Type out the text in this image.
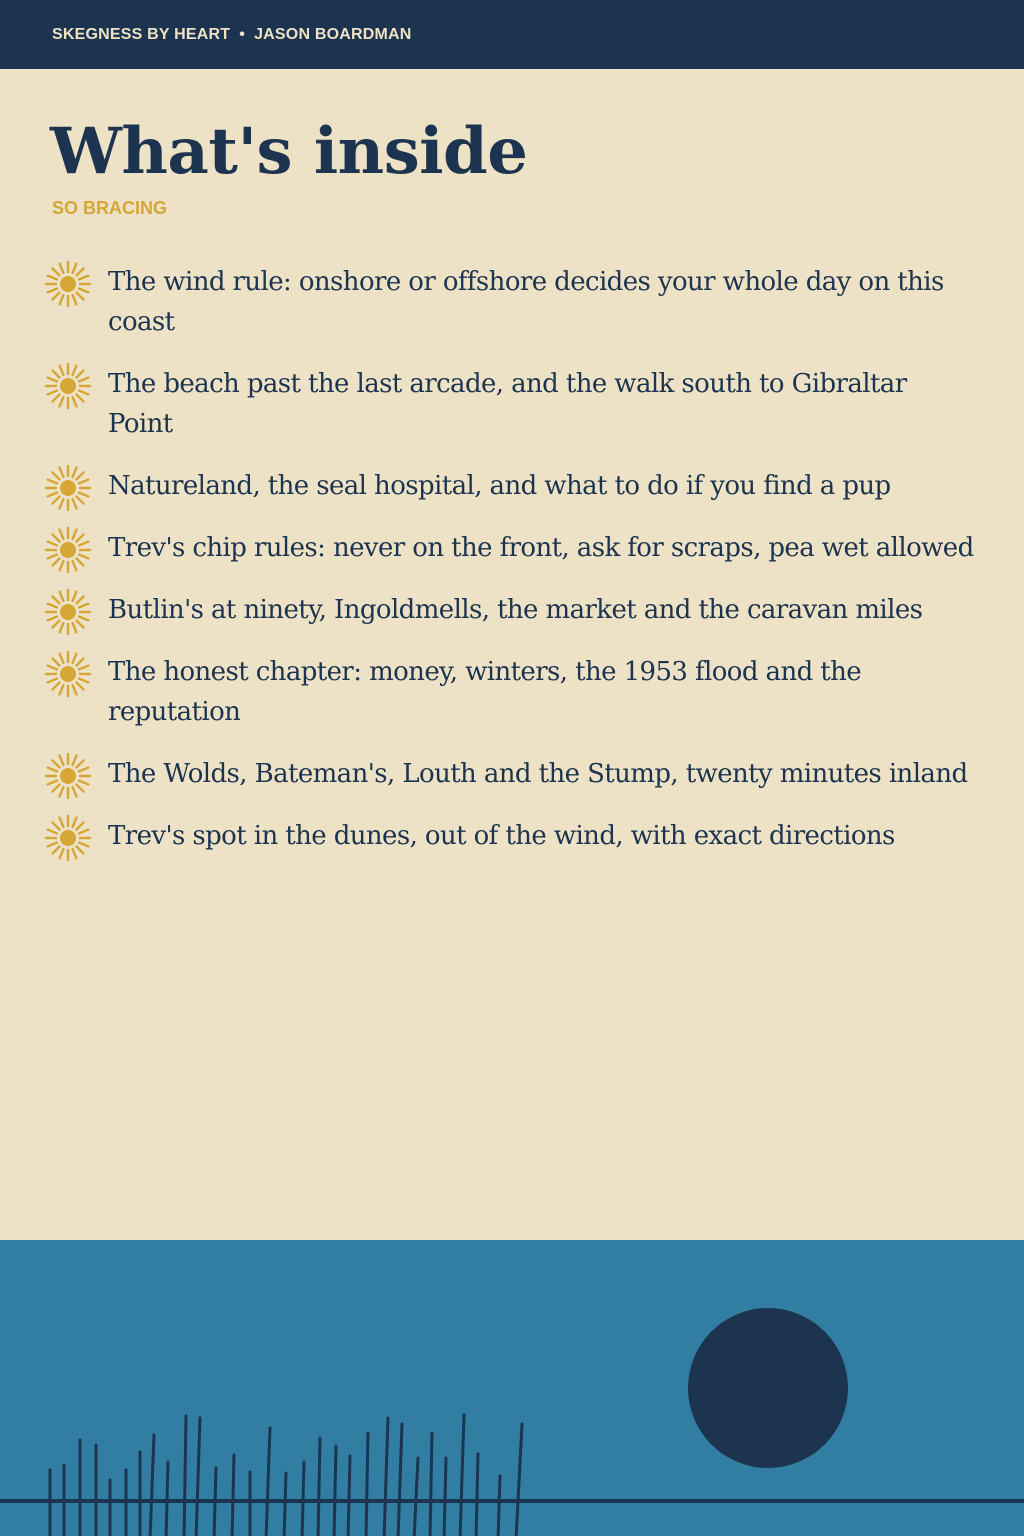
SKEGNESS BY HEART • JASON BOARDMAN
What's inside
SO BRACING
The wind rule: onshore or offshore decides your whole day on this coast
The beach past the last arcade, and the walk south to Gibraltar Point
Natureland, the seal hospital, and what to do if you find a pup
Trev's chip rules: never on the front, ask for scraps, pea wet allowed
Butlin's at ninety, Ingoldmells, the market and the caravan miles
The honest chapter: money, winters, the 1953 flood and the reputation
The Wolds, Bateman's, Louth and the Stump, twenty minutes inland
Trev's spot in the dunes, out of the wind, with exact directions
